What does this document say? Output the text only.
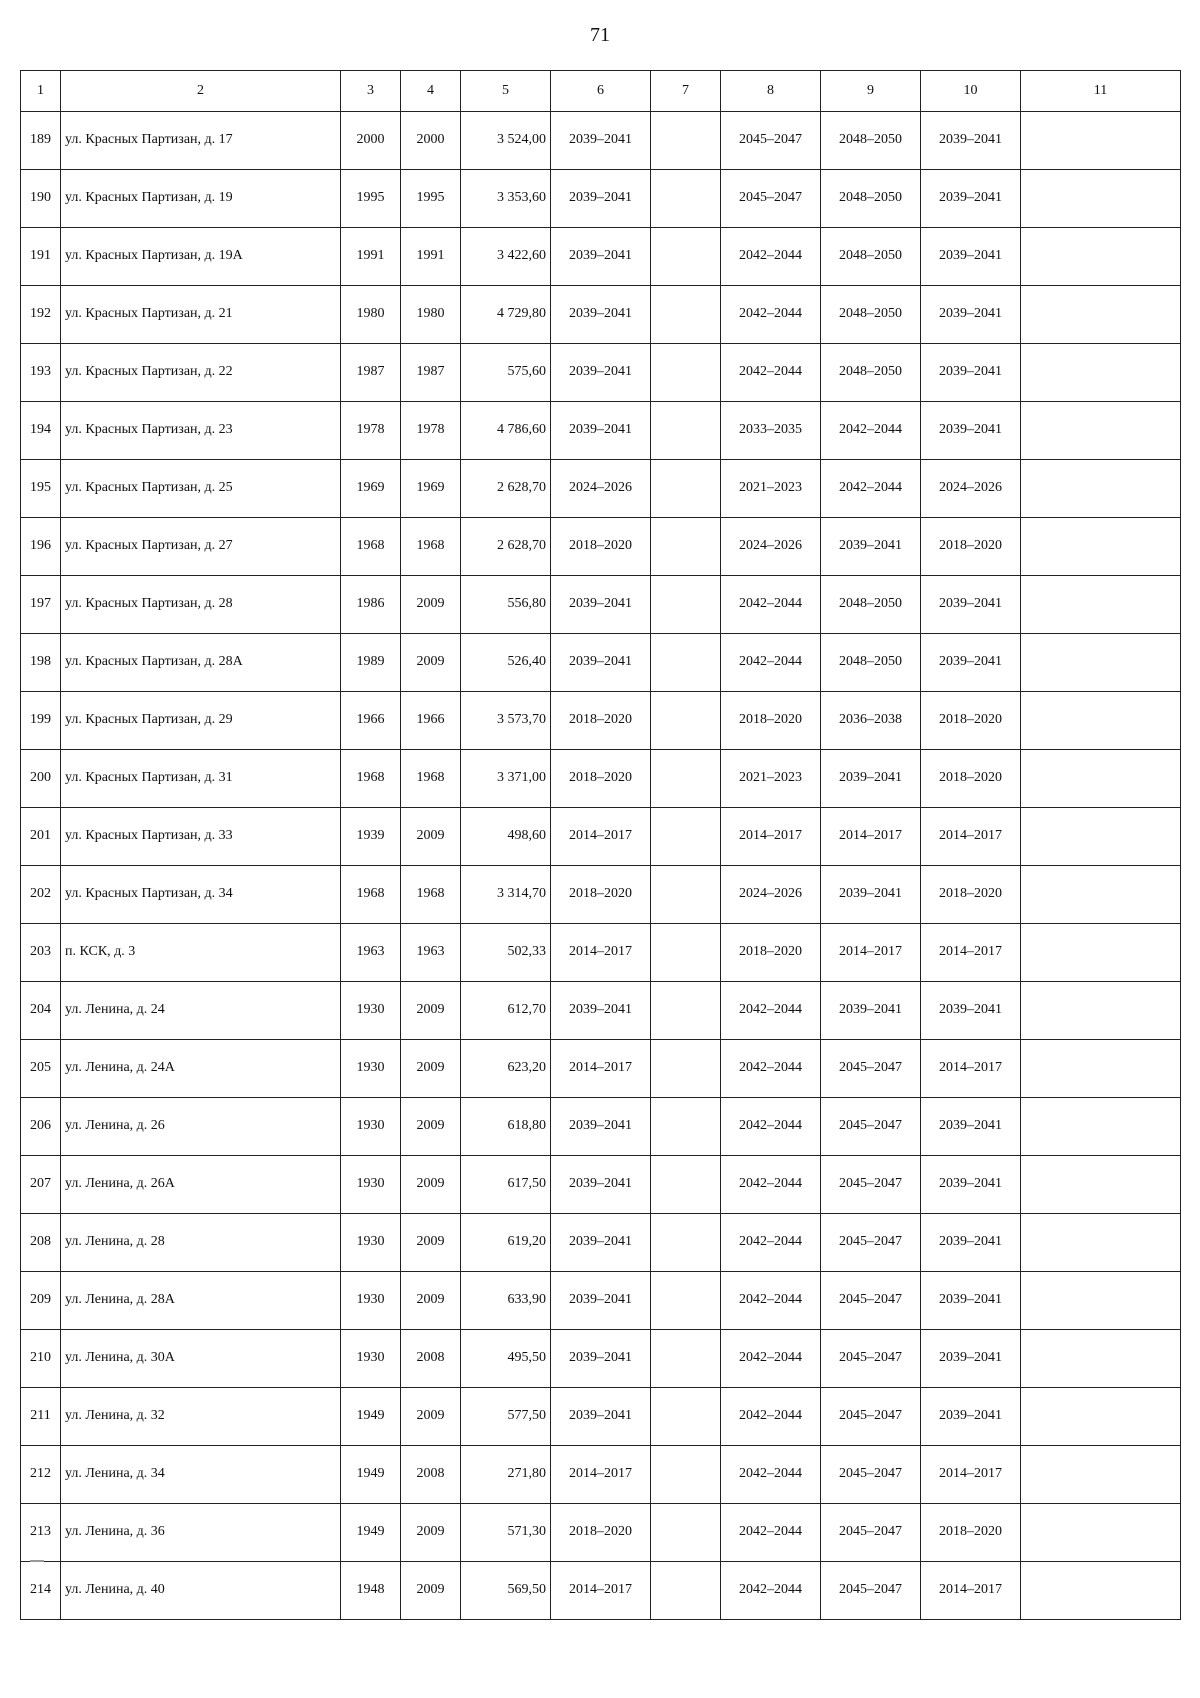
71
1	2	3	4	5	6	7	8	9	10	11
189	ул. Красных Партизан, д. 17	2000	2000	3 524,00	2039–2041		2045–2047	2048–2050	2039–2041	
190	ул. Красных Партизан, д. 19	1995	1995	3 353,60	2039–2041		2045–2047	2048–2050	2039–2041	
191	ул. Красных Партизан, д. 19А	1991	1991	3 422,60	2039–2041		2042–2044	2048–2050	2039–2041	
192	ул. Красных Партизан, д. 21	1980	1980	4 729,80	2039–2041		2042–2044	2048–2050	2039–2041	
193	ул. Красных Партизан, д. 22	1987	1987	575,60	2039–2041		2042–2044	2048–2050	2039–2041	
194	ул. Красных Партизан, д. 23	1978	1978	4 786,60	2039–2041		2033–2035	2042–2044	2039–2041	
195	ул. Красных Партизан, д. 25	1969	1969	2 628,70	2024–2026		2021–2023	2042–2044	2024–2026	
196	ул. Красных Партизан, д. 27	1968	1968	2 628,70	2018–2020		2024–2026	2039–2041	2018–2020	
197	ул. Красных Партизан, д. 28	1986	2009	556,80	2039–2041		2042–2044	2048–2050	2039–2041	
198	ул. Красных Партизан, д. 28А	1989	2009	526,40	2039–2041		2042–2044	2048–2050	2039–2041	
199	ул. Красных Партизан, д. 29	1966	1966	3 573,70	2018–2020		2018–2020	2036–2038	2018–2020	
200	ул. Красных Партизан, д. 31	1968	1968	3 371,00	2018–2020		2021–2023	2039–2041	2018–2020	
201	ул. Красных Партизан, д. 33	1939	2009	498,60	2014–2017		2014–2017	2014–2017	2014–2017	
202	ул. Красных Партизан, д. 34	1968	1968	3 314,70	2018–2020		2024–2026	2039–2041	2018–2020	
203	п. КСК, д. 3	1963	1963	502,33	2014–2017		2018–2020	2014–2017	2014–2017	
204	ул. Ленина, д. 24	1930	2009	612,70	2039–2041		2042–2044	2039–2041	2039–2041	
205	ул. Ленина, д. 24А	1930	2009	623,20	2014–2017		2042–2044	2045–2047	2014–2017	
206	ул. Ленина, д. 26	1930	2009	618,80	2039–2041		2042–2044	2045–2047	2039–2041	
207	ул. Ленина, д. 26А	1930	2009	617,50	2039–2041		2042–2044	2045–2047	2039–2041	
208	ул. Ленина, д. 28	1930	2009	619,20	2039–2041		2042–2044	2045–2047	2039–2041	
209	ул. Ленина, д. 28А	1930	2009	633,90	2039–2041		2042–2044	2045–2047	2039–2041	
210	ул. Ленина, д. 30А	1930	2008	495,50	2039–2041		2042–2044	2045–2047	2039–2041	
211	ул. Ленина, д. 32	1949	2009	577,50	2039–2041		2042–2044	2045–2047	2039–2041	
212	ул. Ленина, д. 34	1949	2008	271,80	2014–2017		2042–2044	2045–2047	2014–2017	
213	ул. Ленина, д. 36	1949	2009	571,30	2018–2020		2042–2044	2045–2047	2018–2020	
214	ул. Ленина, д. 40	1948	2009	569,50	2014–2017		2042–2044	2045–2047	2014–2017	
